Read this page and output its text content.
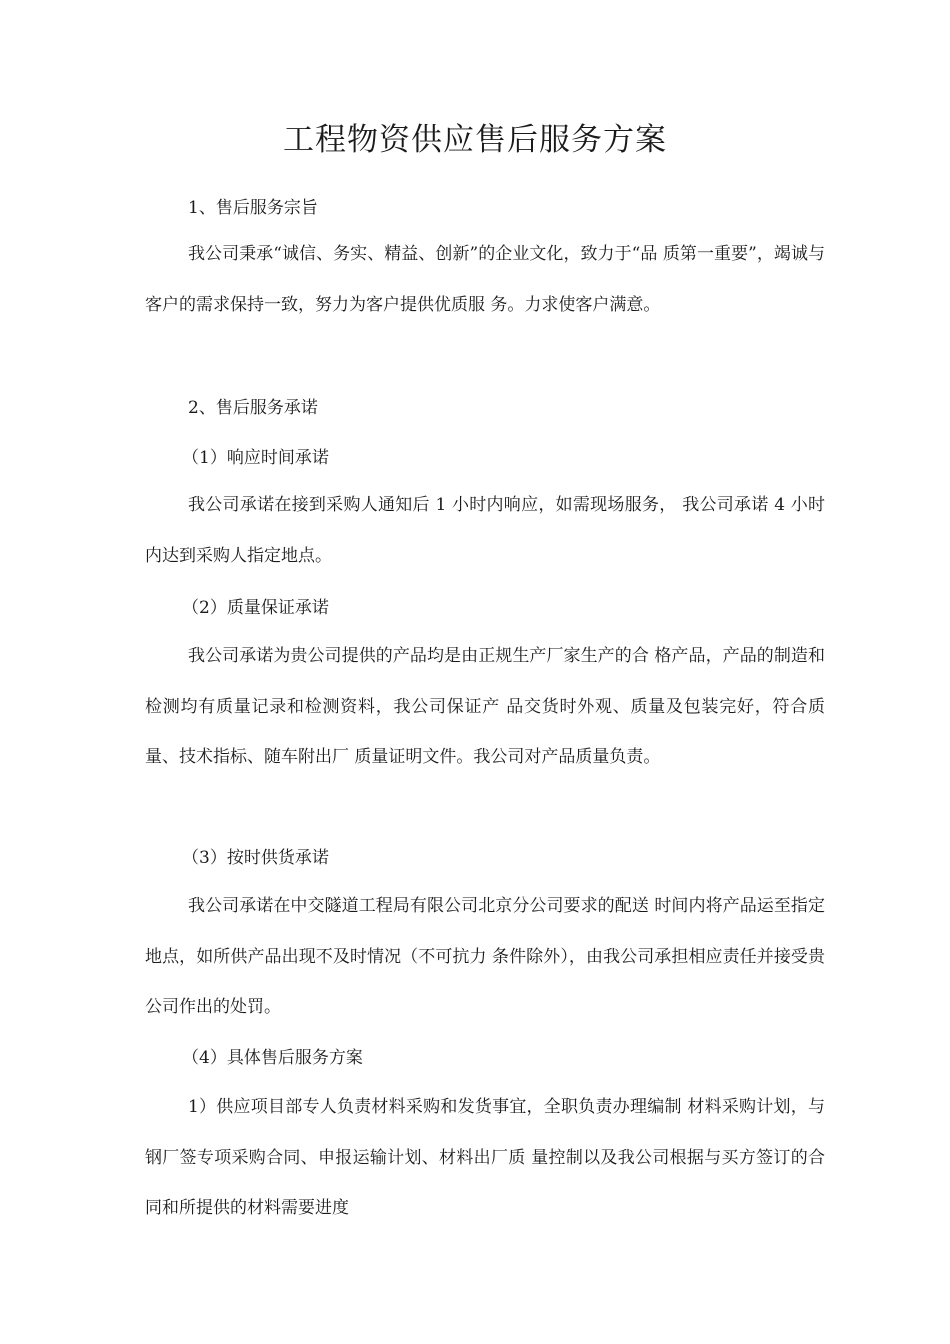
工程物资供应售后服务方案
1、售后服务宗旨
我公司秉承“诚信、务实、精益、创新”的企业文化，致力于“品 质第一重要”，竭诚与客户的需求保持一致，努力为客户提供优质服 务。力求使客户满意。
2、售后服务承诺
（1）响应时间承诺
我公司承诺在接到采购人通知后 1 小时内响应，如需现场服务， 我公司承诺 4 小时内达到采购人指定地点。
（2）质量保证承诺
我公司承诺为贵公司提供的产品均是由正规生产厂家生产的合 格产品，产品的制造和检测均有质量记录和检测资料，我公司保证产 品交货时外观、质量及包装完好，符合质量、技术指标、随车附出厂 质量证明文件。我公司对产品质量负责。
（3）按时供货承诺
我公司承诺在中交隧道工程局有限公司北京分公司要求的配送 时间内将产品运至指定地点，如所供产品出现不及时情况（不可抗力 条件除外），由我公司承担相应责任并接受贵公司作出的处罚。
（4）具体售后服务方案
1）供应项目部专人负责材料采购和发货事宜，全职负责办理编制 材料采购计划，与钢厂签专项采购合同、申报运输计划、材料出厂质 量控制以及我公司根据与买方签订的合同和所提供的材料需要进度
